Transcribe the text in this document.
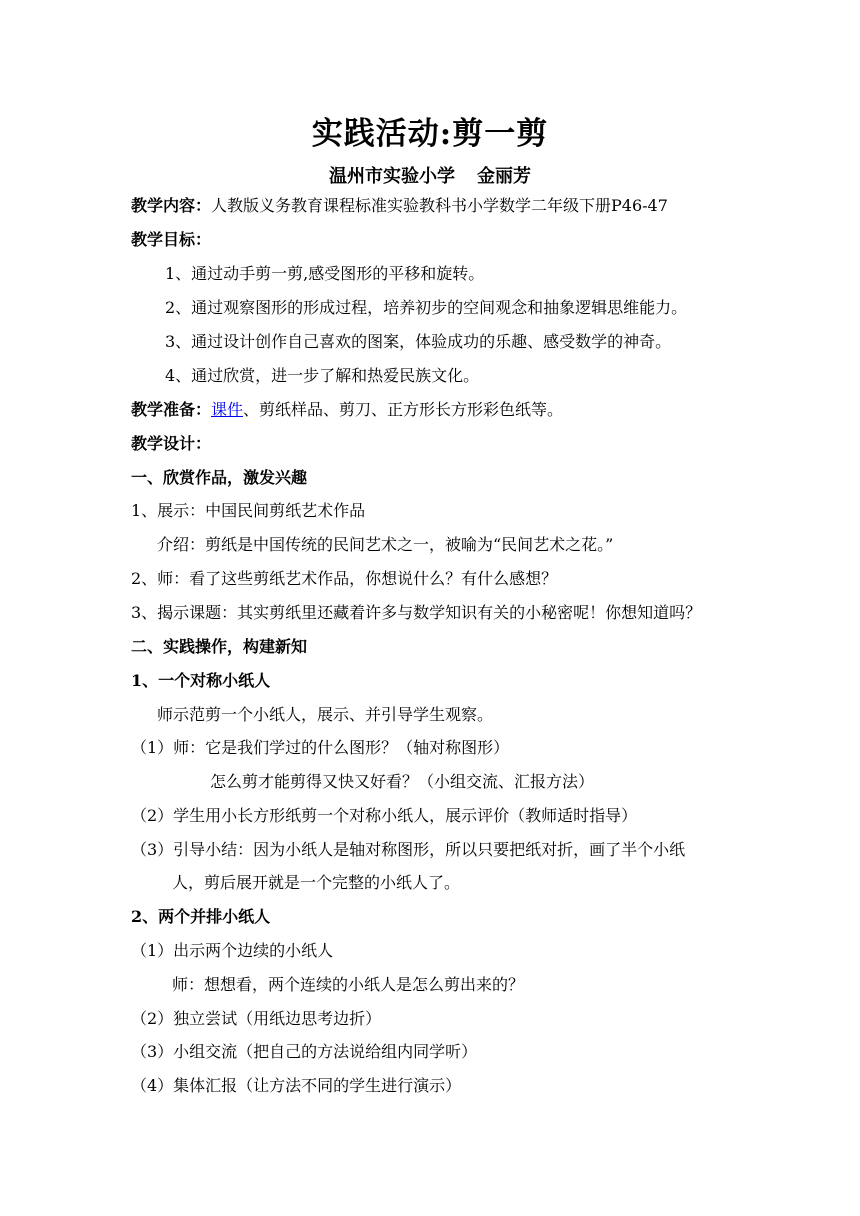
实践活动:剪一剪
温州市实验小学 金丽芳
教学内容：人教版义务教育课程标准实验教科书小学数学二年级下册P46-47
教学目标：
1、通过动手剪一剪,感受图形的平移和旋转。
2、通过观察图形的形成过程，培养初步的空间观念和抽象逻辑思维能力。
3、通过设计创作自己喜欢的图案，体验成功的乐趣、感受数学的神奇。
4、通过欣赏，进一步了解和热爱民族文化。
教学准备：课件、剪纸样品、剪刀、正方形长方形彩色纸等。
教学设计：
一、欣赏作品，激发兴趣
1、展示：中国民间剪纸艺术作品
介绍：剪纸是中国传统的民间艺术之一，被喻为“民间艺术之花。”
2、师：看了这些剪纸艺术作品，你想说什么？有什么感想？
3、揭示课题：其实剪纸里还藏着许多与数学知识有关的小秘密呢！你想知道吗？
二、实践操作，构建新知
1、一个对称小纸人
师示范剪一个小纸人，展示、并引导学生观察。
（1）师：它是我们学过的什么图形？（轴对称图形）
怎么剪才能剪得又快又好看？（小组交流、汇报方法）
（2）学生用小长方形纸剪一个对称小纸人，展示评价（教师适时指导）
（3）引导小结：因为小纸人是轴对称图形，所以只要把纸对折，画了半个小纸
人，剪后展开就是一个完整的小纸人了。
2、两个并排小纸人
（1）出示两个边续的小纸人
师：想想看，两个连续的小纸人是怎么剪出来的？
（2）独立尝试（用纸边思考边折）
（3）小组交流（把自己的方法说给组内同学听）
（4）集体汇报（让方法不同的学生进行演示）
